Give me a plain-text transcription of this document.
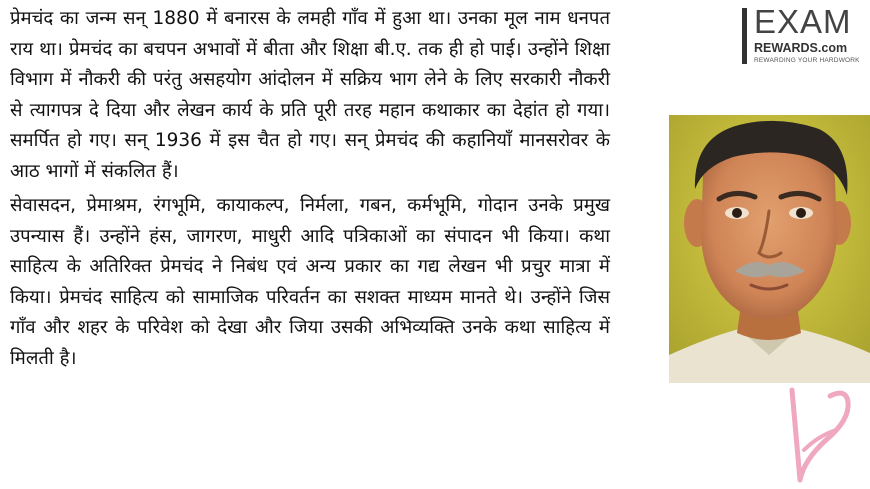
प्रेमचंद का जन्म सन् 1880 में बनारस के लमही गाँव में हुआ था। उनका मूल नाम धनपत राय था। प्रेमचंद का बचपन अभावों में बीता और शिक्षा बी.ए. तक ही हो पाई। उन्होंने शिक्षा विभाग में नौकरी की परंतु असहयोग आंदोलन में सक्रिय भाग लेने के लिए सरकारी नौकरी से त्यागपत्र दे दिया और लेखन कार्य के प्रति पूरी तरह महान कथाकार का देहांत हो गया। समर्पित हो गए। सन् 1936 में इस चैत हो गए। सन् प्रेमचंद की कहानियाँ मानसरोवर के आठ भागों में संकलित हैं।

सेवासदन, प्रेमाश्रम, रंगभूमि, कायाकल्प, निर्मला, गबन, कर्मभूमि, गोदान उनके प्रमुख उपन्यास हैं। उन्होंने हंस, जागरण, माधुरी आदि पत्रिकाओं का संपादन भी किया। कथा साहित्य के अतिरिक्त प्रेमचंद ने निबंध एवं अन्य प्रकार का गद्य लेखन भी प्रचुर मात्रा में किया। प्रेमचंद साहित्य को सामाजिक परिवर्तन का सशक्त माध्यम मानते थे। उन्होंने जिस गाँव और शहर के परिवेश को देखा और जिया उसकी अभिव्यक्ति उनके कथा साहित्य में मिलती है।

EXAM
REWARDS.com
REWARDING YOUR HARDWORK
